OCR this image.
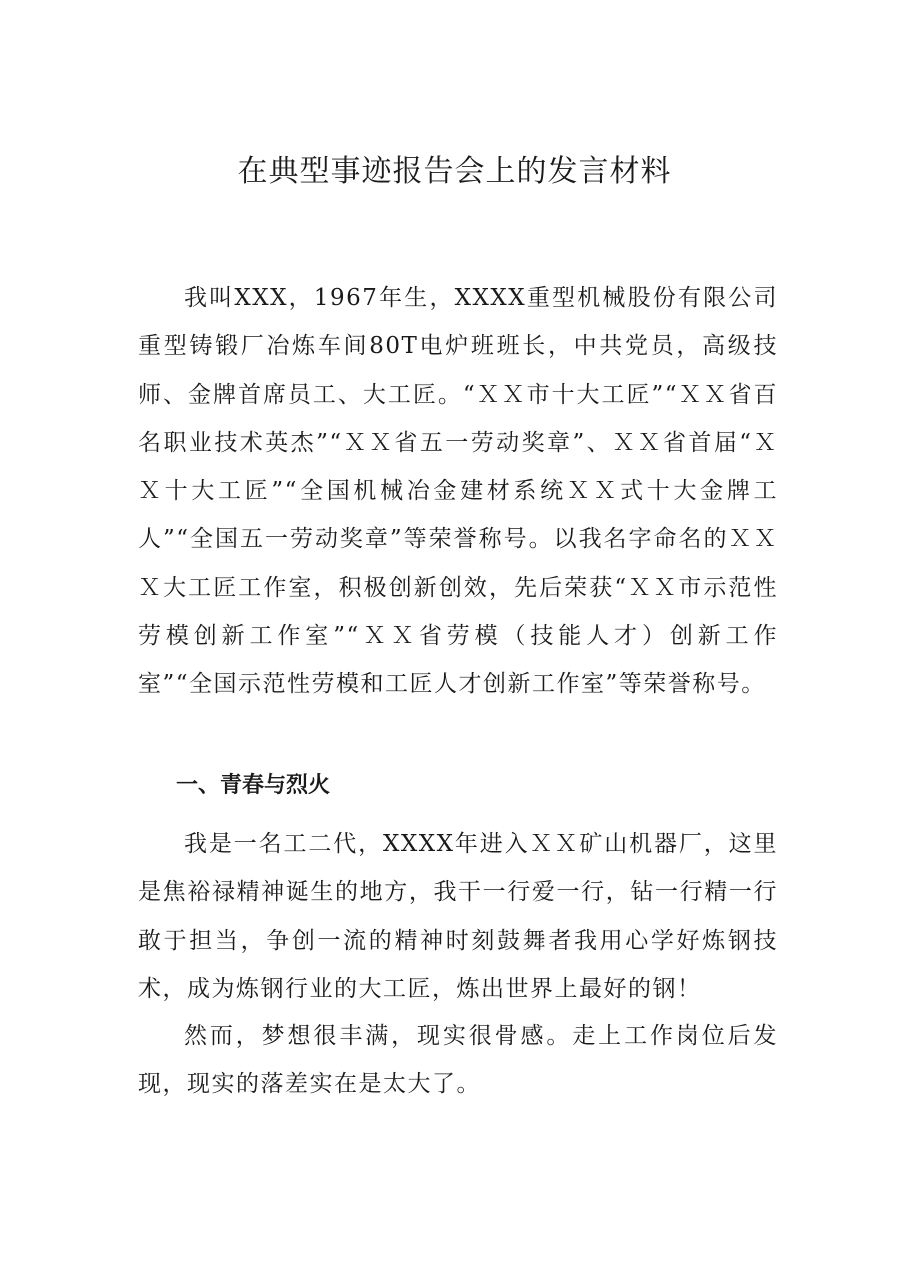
在典型事迹报告会上的发言材料

我叫XXX，1967年生，XXXX重型机械股份有限公司重型铸锻厂冶炼车间80T电炉班班长，中共党员，高级技师、金牌首席员工、大工匠。“ＸＸ市十大工匠”“ＸＸ省百名职业技术英杰”“ＸＸ省五一劳动奖章”、ＸＸ省首届“ＸＸ十大工匠”“全国机械冶金建材系统ＸＸ式十大金牌工人”“全国五一劳动奖章”等荣誉称号。以我名字命名的ＸＸＸ大工匠工作室，积极创新创效，先后荣获“ＸＸ市示范性劳模创新工作室”“ＸＸ省劳模（技能人才）创新工作室”“全国示范性劳模和工匠人才创新工作室”等荣誉称号。

一、青春与烈火

我是一名工二代，XXXX年进入ＸＸ矿山机器厂，这里是焦裕禄精神诞生的地方，我干一行爱一行，钻一行精一行敢于担当，争创一流的精神时刻鼓舞者我用心学好炼钢技术，成为炼钢行业的大工匠，炼出世界上最好的钢！

然而，梦想很丰满，现实很骨感。走上工作岗位后发现，现实的落差实在是太大了。
